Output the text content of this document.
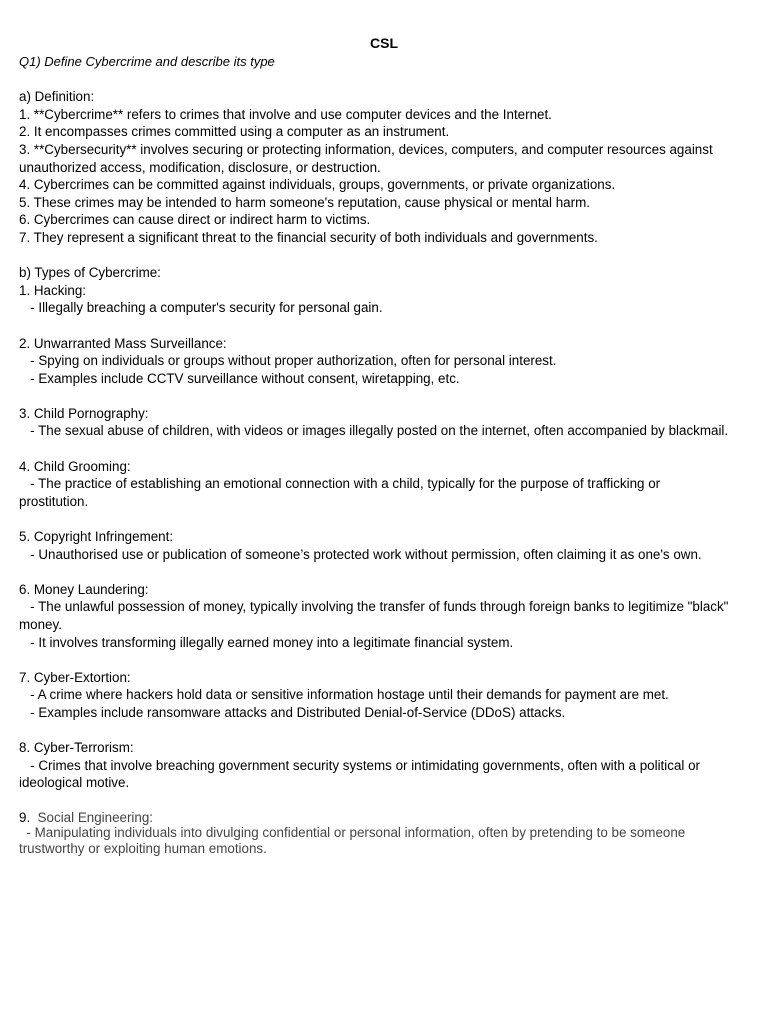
CSL
Q1) Define Cybercrime and describe its type
a) Definition:
1. **Cybercrime** refers to crimes that involve and use computer devices and the Internet.
2. It encompasses crimes committed using a computer as an instrument.
3. **Cybersecurity** involves securing or protecting information, devices, computers, and computer resources against unauthorized access, modification, disclosure, or destruction.
4. Cybercrimes can be committed against individuals, groups, governments, or private organizations.
5. These crimes may be intended to harm someone's reputation, cause physical or mental harm.
6. Cybercrimes can cause direct or indirect harm to victims.
7. They represent a significant threat to the financial security of both individuals and governments.
b) Types of Cybercrime:
1. Hacking:
- Illegally breaching a computer's security for personal gain.
2. Unwarranted Mass Surveillance:
- Spying on individuals or groups without proper authorization, often for personal interest.
- Examples include CCTV surveillance without consent, wiretapping, etc.
3. Child Pornography:
- The sexual abuse of children, with videos or images illegally posted on the internet, often accompanied by blackmail.
4. Child Grooming:
- The practice of establishing an emotional connection with a child, typically for the purpose of trafficking or prostitution.
5. Copyright Infringement:
- Unauthorised use or publication of someone’s protected work without permission, often claiming it as one's own.
6. Money Laundering:
- The unlawful possession of money, typically involving the transfer of funds through foreign banks to legitimize "black" money.
- It involves transforming illegally earned money into a legitimate financial system.
7. Cyber-Extortion:
- A crime where hackers hold data or sensitive information hostage until their demands for payment are met.
- Examples include ransomware attacks and Distributed Denial-of-Service (DDoS) attacks.
8. Cyber-Terrorism:
- Crimes that involve breaching government security systems or intimidating governments, often with a political or ideological motive.
9. Social Engineering:
- Manipulating individuals into divulging confidential or personal information, often by pretending to be someone trustworthy or exploiting human emotions.
